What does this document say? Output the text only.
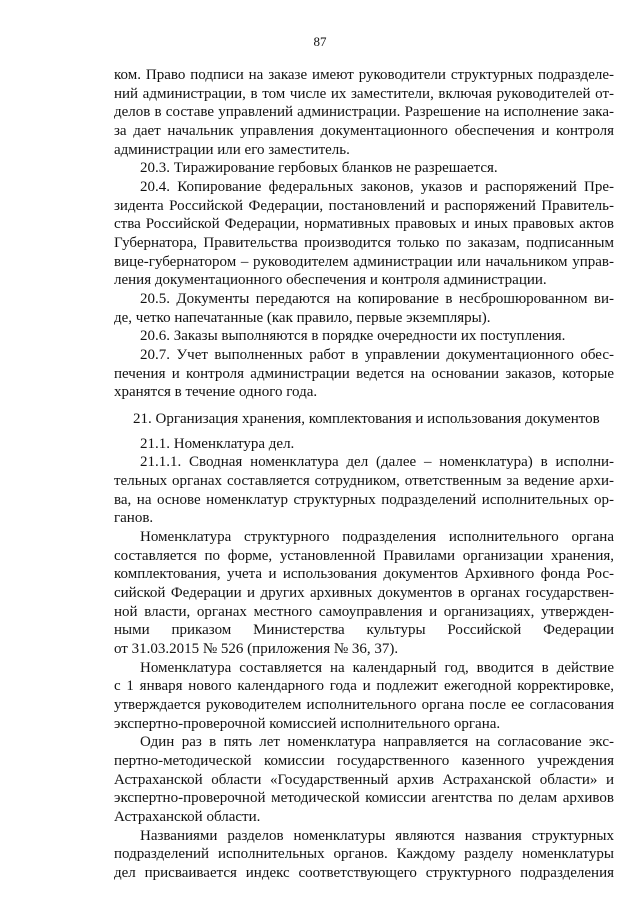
87
ком. Право подписи на заказе имеют руководители структурных подразделе-
ний администрации, в том числе их заместители, включая руководителей от-
делов в составе управлений администрации. Разрешение на исполнение зака-
за дает начальник управления документационного обеспечения и контроля
администрации или его заместитель.
20.3. Тиражирование гербовых бланков не разрешается.
20.4. Копирование федеральных законов, указов и распоряжений Пре-
зидента Российской Федерации, постановлений и распоряжений Правитель-
ства Российской Федерации, нормативных правовых и иных правовых актов
Губернатора, Правительства производится только по заказам, подписанным
вице-губернатором – руководителем администрации или начальником управ-
ления документационного обеспечения и контроля администрации.
20.5. Документы передаются на копирование в несброшюрованном ви-
де, четко напечатанные (как правило, первые экземпляры).
20.6. Заказы выполняются в порядке очередности их поступления.
20.7. Учет выполненных работ в управлении документационного обес-
печения и контроля администрации ведется на основании заказов, которые
хранятся в течение одного года.
21. Организация хранения, комплектования и использования документов
21.1. Номенклатура дел.
21.1.1. Сводная номенклатура дел (далее – номенклатура) в исполни-
тельных органах составляется сотрудником, ответственным за ведение архи-
ва, на основе номенклатур структурных подразделений исполнительных ор-
ганов.
Номенклатура структурного подразделения исполнительного органа
составляется по форме, установленной Правилами организации хранения,
комплектования, учета и использования документов Архивного фонда Рос-
сийской Федерации и других архивных документов в органах государствен-
ной власти, органах местного самоуправления и организациях, утвержден-
ными приказом Министерства культуры Российской Федерации
от 31.03.2015 № 526 (приложения № 36, 37).
Номенклатура составляется на календарный год, вводится в действие
с 1 января нового календарного года и подлежит ежегодной корректировке,
утверждается руководителем исполнительного органа после ее согласования
экспертно-проверочной комиссией исполнительного органа.
Один раз в пять лет номенклатура направляется на согласование экс-
пертно-методической комиссии государственного казенного учреждения
Астраханской области «Государственный архив Астраханской области» и
экспертно-проверочной методической комиссии агентства по делам архивов
Астраханской области.
Названиями разделов номенклатуры являются названия структурных
подразделений исполнительных органов. Каждому разделу номенклатуры
дел присваивается индекс соответствующего структурного подразделения
